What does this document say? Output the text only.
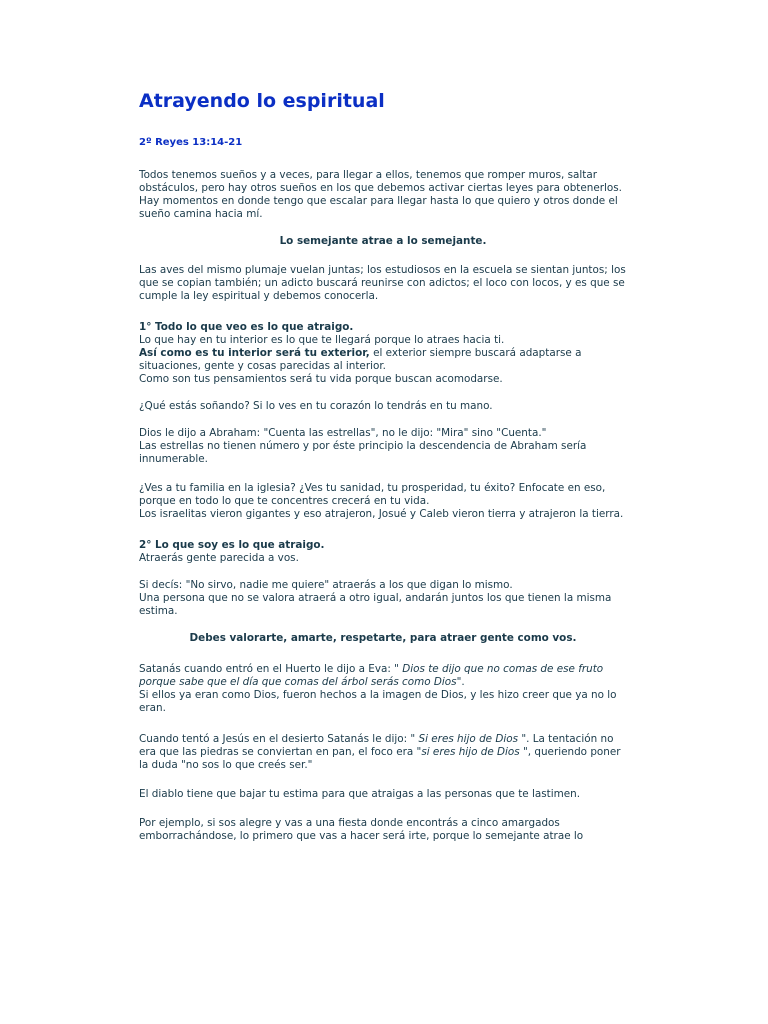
Atrayendo lo espiritual

2º Reyes 13:14-21

Todos tenemos sueños y a veces, para llegar a ellos, tenemos que romper muros, saltar obstáculos, pero hay otros sueños en los que debemos activar ciertas leyes para obtenerlos.

Hay momentos en donde tengo que escalar para llegar hasta lo que quiero y otros donde el sueño camina hacia mí.

Lo semejante atrae a lo semejante.

Las aves del mismo plumaje vuelan juntas; los estudiosos en la escuela se sientan juntos; los que se copian también; un adicto buscará reunirse con adictos; el loco con locos, y es que se cumple la ley espiritual y debemos conocerla.

1° Todo lo que veo es lo que atraigo.

Lo que hay en tu interior es lo que te llegará porque lo atraes hacia ti.

Así como es tu interior será tu exterior, el exterior siempre buscará adaptarse a situaciones, gente y cosas parecidas al interior.

Como son tus pensamientos será tu vida porque buscan acomodarse.

¿Qué estás soñando? Si lo ves en tu corazón lo tendrás en tu mano.

Dios le dijo a Abraham: "Cuenta las estrellas", no le dijo: "Mira" sino "Cuenta."

Las estrellas no tienen número y por éste principio la descendencia de Abraham sería innumerable.

¿Ves a tu familia en la iglesia? ¿Ves tu sanidad, tu prosperidad, tu éxito? Enfocate en eso, porque en todo lo que te concentres crecerá en tu vida.

Los israelitas vieron gigantes y eso atrajeron, Josué y Caleb vieron tierra y atrajeron la tierra.

2° Lo que soy es lo que atraigo.

Atraerás gente parecida a vos.

Si decís: "No sirvo, nadie me quiere" atraerás a los que digan lo mismo.

Una persona que no se valora atraerá a otro igual, andarán juntos los que tienen la misma estima.

Debes valorarte, amarte, respetarte, para atraer gente como vos.

Satanás cuando entró en el Huerto le dijo a Eva: " Dios te dijo que no comas de ese fruto porque sabe que el día que comas del árbol serás como Dios".

Si ellos ya eran como Dios, fueron hechos a la imagen de Dios, y les hizo creer que ya no lo eran.

Cuando tentó a Jesús en el desierto Satanás le dijo: " Si eres hijo de Dios ". La tentación no era que las piedras se conviertan en pan, el foco era "si eres hijo de Dios ", queriendo poner la duda "no sos lo que creés ser."

El diablo tiene que bajar tu estima para que atraigas a las personas que te lastimen.

Por ejemplo, si sos alegre y vas a una fiesta donde encontrás a cinco amargados emborrachándose, lo primero que vas a hacer será irte, porque lo semejante atrae lo
